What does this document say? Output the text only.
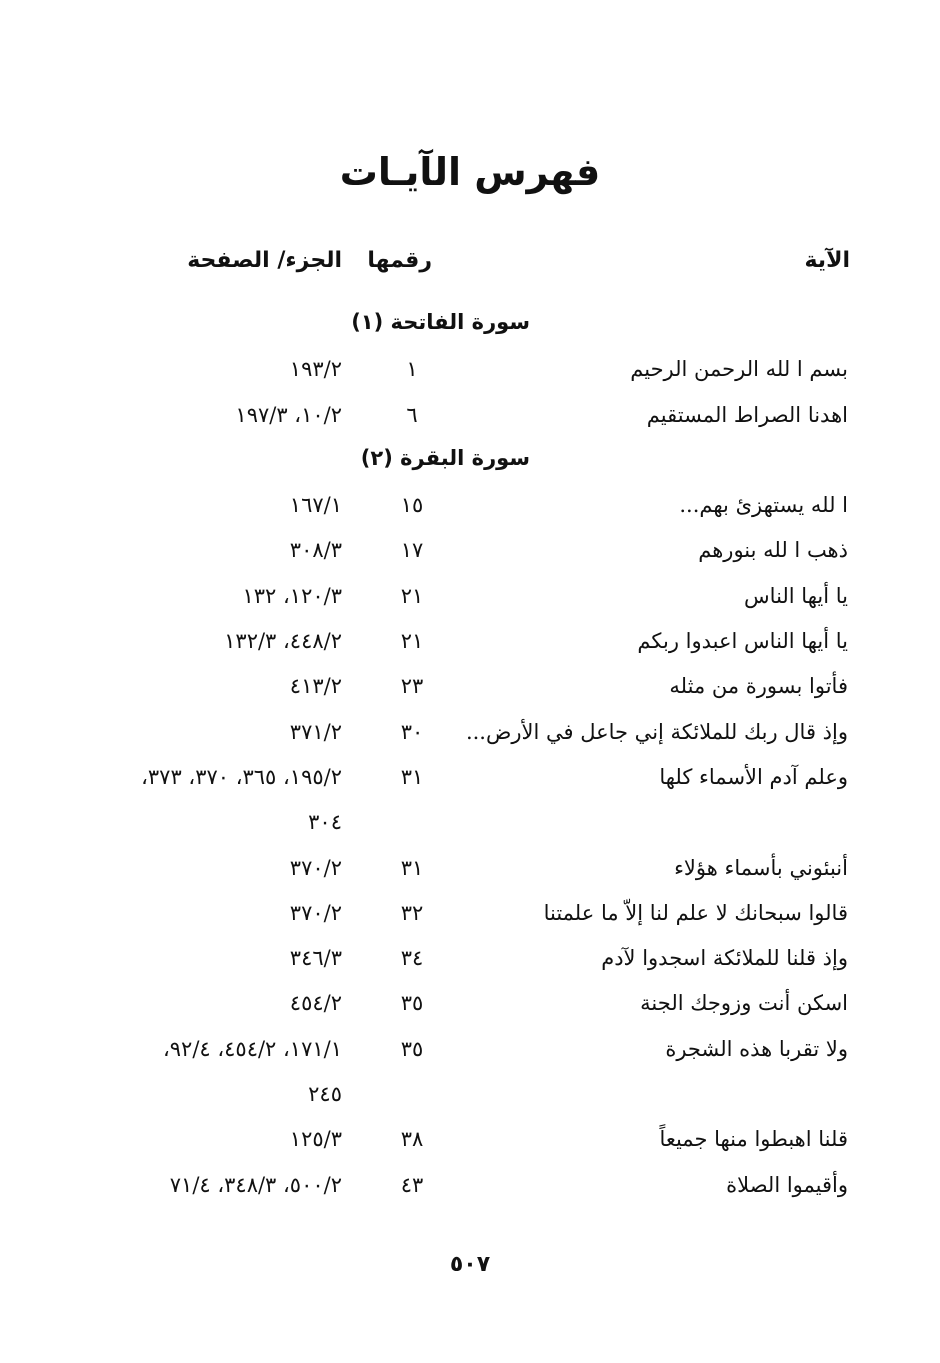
فهرس الآيـات
الآية
رقمها
الجزء/ الصفحة
سورة الفاتحة (١)
بسم ا لله الرحمن الرحيم
١
١٩٣/٢
اهدنا الصراط المستقيم
٦
١٠/٢، ١٩٧/٣
سورة البقرة (٢)
ا لله يستهزئ بهم...
١٥
١٦٧/١
ذهب ا لله بنورهم
١٧
٣٠٨/٣
يا أيها الناس
٢١
١٢٠/٣، ١٣٢
يا أيها الناس اعبدوا ربكم
٢١
٤٤٨/٢، ١٣٢/٣
فأتوا بسورة من مثله
٢٣
٤١٣/٢
وإذ قال ربك للملائكة إني جاعل في الأرض...
٣٠
٣٧١/٢
وعلم آدم الأسماء كلها
٣١
١٩٥/٢، ٣٦٥، ٣٧٠، ٣٧٣،
٣٠٤
أنبئوني بأسماء هؤلاء
٣١
٣٧٠/٢
قالوا سبحانك لا علم لنا إلاّ ما علمتنا
٣٢
٣٧٠/٢
وإذ قلنا للملائكة اسجدوا لآدم
٣٤
٣٤٦/٣
اسكن أنت وزوجك الجنة
٣٥
٤٥٤/٢
ولا تقربا هذه الشجرة
٣٥
١٧١/١، ٤٥٤/٢، ٩٢/٤،
٢٤٥
قلنا اهبطوا منها جميعاً
٣٨
١٢٥/٣
وأقيموا الصلاة
٤٣
٥٠٠/٢، ٣٤٨/٣، ٧١/٤
٥٠٧
